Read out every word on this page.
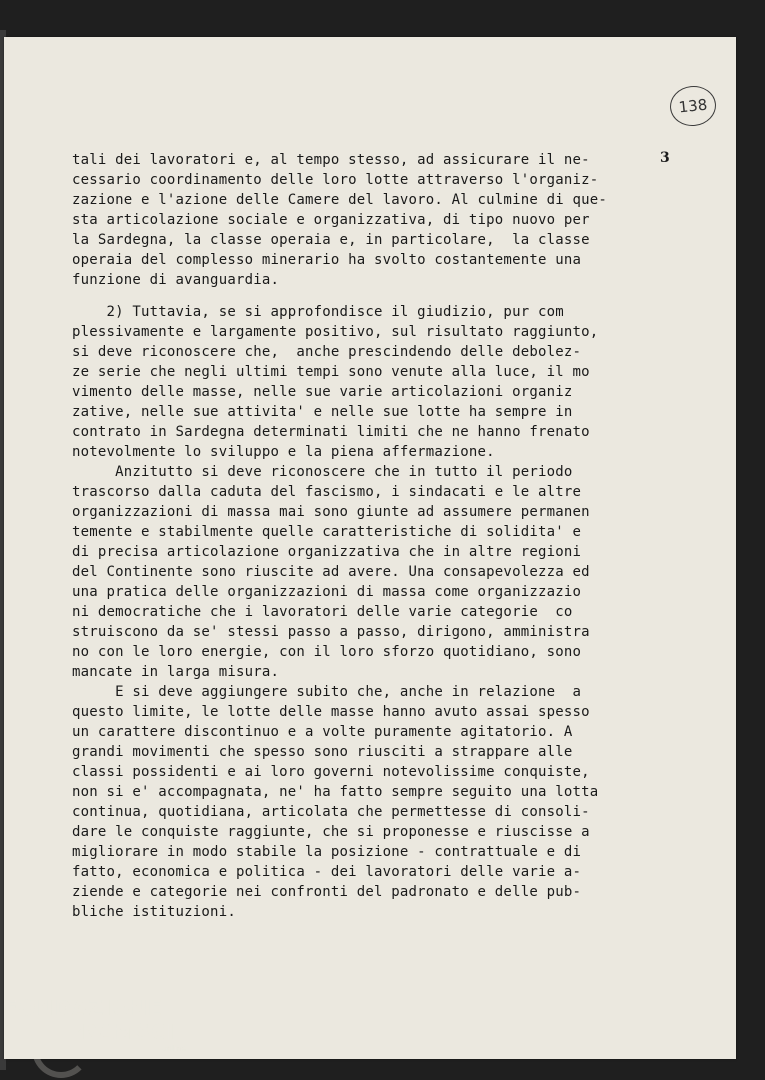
138
3
tali dei lavoratori e, al tempo stesso, ad assicurare il ne-
cessario coordinamento delle loro lotte attraverso l'organiz-
zazione e l'azione delle Camere del lavoro. Al culmine di que-
sta articolazione sociale e organizzativa, di tipo nuovo per
la Sardegna, la classe operaia e, in particolare,  la classe
operaia del complesso minerario ha svolto costantemente una
funzione di avanguardia.
2) Tuttavia, se si approfondisce il giudizio, pur com
plessivamente e largamente positivo, sul risultato raggiunto,
si deve riconoscere che,  anche prescindendo delle debolez-
ze serie che negli ultimi tempi sono venute alla luce, il mo
vimento delle masse, nelle sue varie articolazioni organiz
zative, nelle sue attivita' e nelle sue lotte ha sempre in
contrato in Sardegna determinati limiti che ne hanno frenato
notevolmente lo sviluppo e la piena affermazione.
Anzitutto si deve riconoscere che in tutto il periodo
trascorso dalla caduta del fascismo, i sindacati e le altre
organizzazioni di massa mai sono giunte ad assumere permanen
temente e stabilmente quelle caratteristiche di solidita' e
di precisa articolazione organizzativa che in altre regioni
del Continente sono riuscite ad avere. Una consapevolezza ed
una pratica delle organizzazioni di massa come organizzazio
ni democratiche che i lavoratori delle varie categorie  co
struiscono da se' stessi passo a passo, dirigono, amministra
no con le loro energie, con il loro sforzo quotidiano, sono
mancate in larga misura.
E si deve aggiungere subito che, anche in relazione  a
questo limite, le lotte delle masse hanno avuto assai spesso
un carattere discontinuo e a volte puramente agitatorio. A
grandi movimenti che spesso sono riusciti a strappare alle
classi possidenti e ai loro governi notevolissime conquiste,
non si e' accompagnata, ne' ha fatto sempre seguito una lotta
continua, quotidiana, articolata che permettesse di consoli-
dare le conquiste raggiunte, che si proponesse e riuscisse a
migliorare in modo stabile la posizione - contrattuale e di
fatto, economica e politica - dei lavoratori delle varie a-
ziende e categorie nei confronti del padronato e delle pub-
bliche istituzioni.
FONDAZIONE
RAMSCI
online
